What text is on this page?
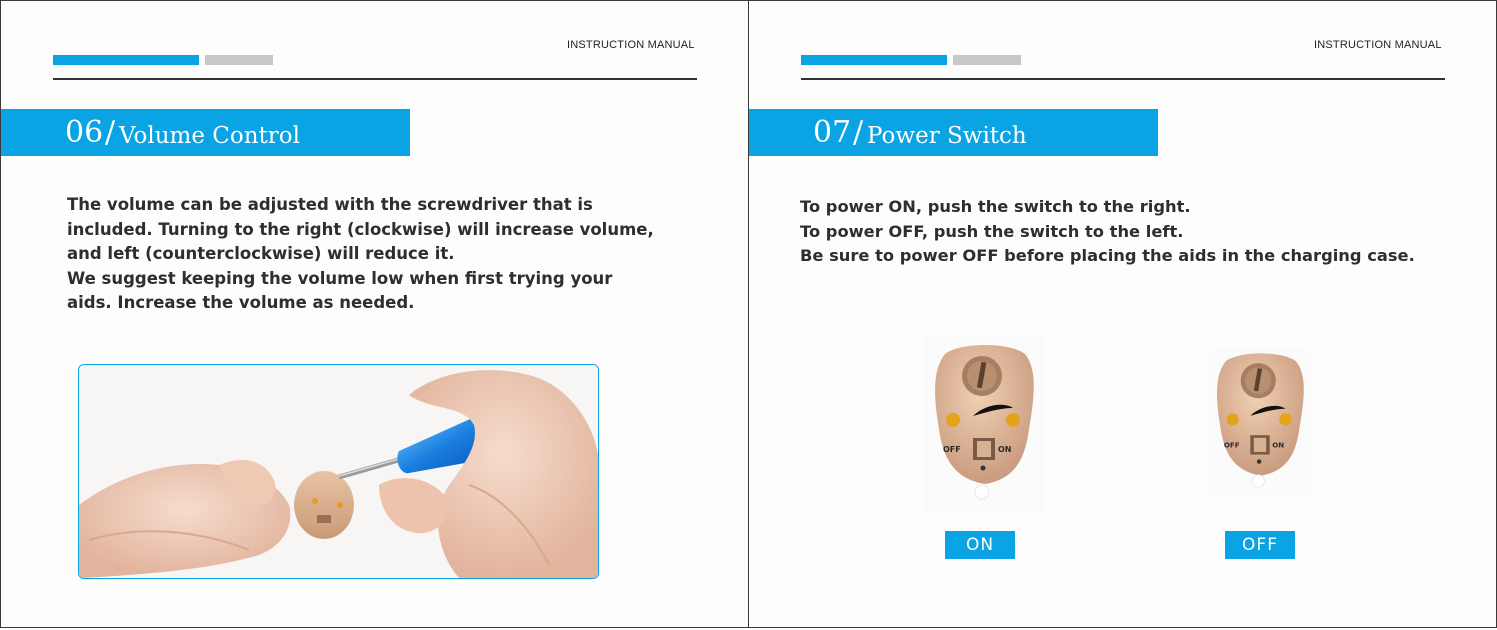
INSTRUCTION MANUAL
06 / Volume Control
The volume can be adjusted with the screwdriver that is
included. Turning to the right (clockwise) will increase volume,
and left (counterclockwise) will reduce it.
We suggest keeping the volume low when first trying your
aids. Increase the volume as needed.
INSTRUCTION MANUAL
07 / Power Switch
To power ON, push the switch to the right.
To power OFF, push the switch to the left.
Be sure to power OFF before placing the aids in the charging case.
OFF	ON	OFF	ON
ON	OFF
